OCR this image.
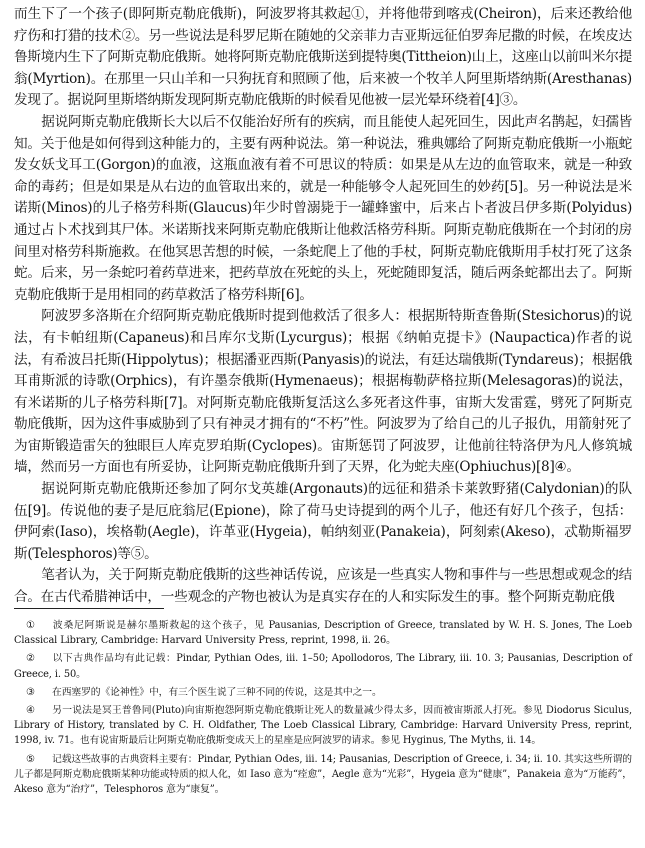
而生下了一个孩子(即阿斯克勒庇俄斯)，阿波罗将其救起①，并将他带到喀戎(Cheiron)，后来还教给他疗伤和打猎的技术②。另一些说法是科罗尼斯在随她的父亲菲力吉亚斯远征伯罗奔尼撒的时候，在埃皮达鲁斯境内生下了阿斯克勒庇俄斯。她将阿斯克勒庇俄斯送到提特奥(Tittheion)山上，这座山以前叫米尔提翁(Myrtion)。在那里一只山羊和一只狗抚育和照顾了他，后来被一个牧羊人阿里斯塔纳斯(Aresthanas)发现了。据说阿里斯塔纳斯发现阿斯克勒庇俄斯的时候看见他被一层光晕环绕着[4]③。

据说阿斯克勒庇俄斯长大以后不仅能治好所有的疾病，而且能使人起死回生，因此声名鹊起，妇孺皆知。关于他是如何得到这种能力的，主要有两种说法。第一种说法，雅典娜给了阿斯克勒庇俄斯一小瓶蛇发女妖戈耳工(Gorgon)的血液，这瓶血液有着不可思议的特质：如果是从左边的血管取来，就是一种致命的毒药；但是如果是从右边的血管取出来的，就是一种能够令人起死回生的妙药[5]。另一种说法是米诺斯(Minos)的儿子格劳科斯(Glaucus)年少时曾溺毙于一罐蜂蜜中，后来占卜者波吕伊多斯(Polyidus)通过占卜术找到其尸体。米诺斯找来阿斯克勒庇俄斯让他救活格劳科斯。阿斯克勒庇俄斯在一个封闭的房间里对格劳科斯施救。在他冥思苦想的时候，一条蛇爬上了他的手杖，阿斯克勒庇俄斯用手杖打死了这条蛇。后来，另一条蛇叼着药草进来，把药草放在死蛇的头上，死蛇随即复活，随后两条蛇都出去了。阿斯克勒庇俄斯于是用相同的药草救活了格劳科斯[6]。

阿波罗多洛斯在介绍阿斯克勒庇俄斯时提到他救活了很多人：根据斯特斯查鲁斯(Stesichorus)的说法，有卡帕纽斯(Capaneus)和吕库尔戈斯(Lycurgus)；根据《纳帕克提卡》(Naupactica)作者的说法，有希波吕托斯(Hippolytus)；根据潘亚西斯(Panyasis)的说法，有廷达瑞俄斯(Tyndareus)；根据俄耳甫斯派的诗歌(Orphics)，有许墨奈俄斯(Hymenaeus)；根据梅勒萨格拉斯(Melesagoras)的说法，有米诺斯的儿子格劳科斯[7]。对阿斯克勒庇俄斯复活这么多死者这件事，宙斯大发雷霆，劈死了阿斯克勒庇俄斯，因为这件事威胁到了只有神灵才拥有的“不朽”性。阿波罗为了给自己的儿子报仇，用箭射死了为宙斯锻造雷矢的独眼巨人库克罗珀斯(Cyclopes)。宙斯惩罚了阿波罗，让他前往特洛伊为凡人修筑城墙，然而另一方面也有所妥协，让阿斯克勒庇俄斯升到了天界，化为蛇夫座(Ophiuchus)[8]④。

据说阿斯克勒庇俄斯还参加了阿尔戈英雄(Argonauts)的远征和猎杀卡莱敦野猪(Calydonian)的队伍[9]。传说他的妻子是厄庇翁尼(Epione)，除了荷马史诗提到的两个儿子，他还有好几个孩子，包括：伊阿索(Iaso)，埃格勒(Aegle)，许革亚(Hygeia)，帕纳刻亚(Panakeia)，阿刻索(Akeso)，忒勒斯福罗斯(Telesphoros)等⑤。

笔者认为，关于阿斯克勒庇俄斯的这些神话传说，应该是一些真实人物和事件与一些思想或观念的结合。在古代希腊神话中，一些观念的产物也被认为是真实存在的人和实际发生的事。整个阿斯克勒庇俄

① 波桑尼阿斯说是赫尔墨斯救起的这个孩子，见 Pausanias, Description of Greece, translated by W. H. S. Jones, The Loeb Classical Library, Cambridge: Harvard University Press, reprint, 1998, ii. 26。

② 以下古典作品均有此记载：Pindar, Pythian Odes, iii. 1–50; Apollodoros, The Library, iii. 10. 3; Pausanias, Description of Greece, i. 50。

③ 在西塞罗的《论神性》中，有三个医生说了三种不同的传说，这是其中之一。

④ 另一说法是冥王普鲁同(Pluto)向宙斯抱怨阿斯克勒庇俄斯让死人的数量减少得太多，因而被宙斯派人打死。参见 Diodorus Siculus, Library of History, translated by C. H. Oldfather, The Loeb Classical Library, Cambridge: Harvard University Press, reprint, 1998, iv. 71。也有说宙斯最后让阿斯克勒庇俄斯变成天上的星座是应阿波罗的请求。参见 Hyginus, The Myths, ii. 14。

⑤ 记载这些故事的古典资料主要有：Pindar, Pythian Odes, iii. 14; Pausanias, Description of Greece, i. 34; ii. 10. 其实这些所谓的儿子都是阿斯克勒庇俄斯某种功能或特质的拟人化，如 Iaso 意为“痊愈”，Aegle 意为“光彩”，Hygeia 意为“健康”，Panakeia 意为“万能药”，Akeso 意为“治疗”，Telesphoros 意为“康复”。
